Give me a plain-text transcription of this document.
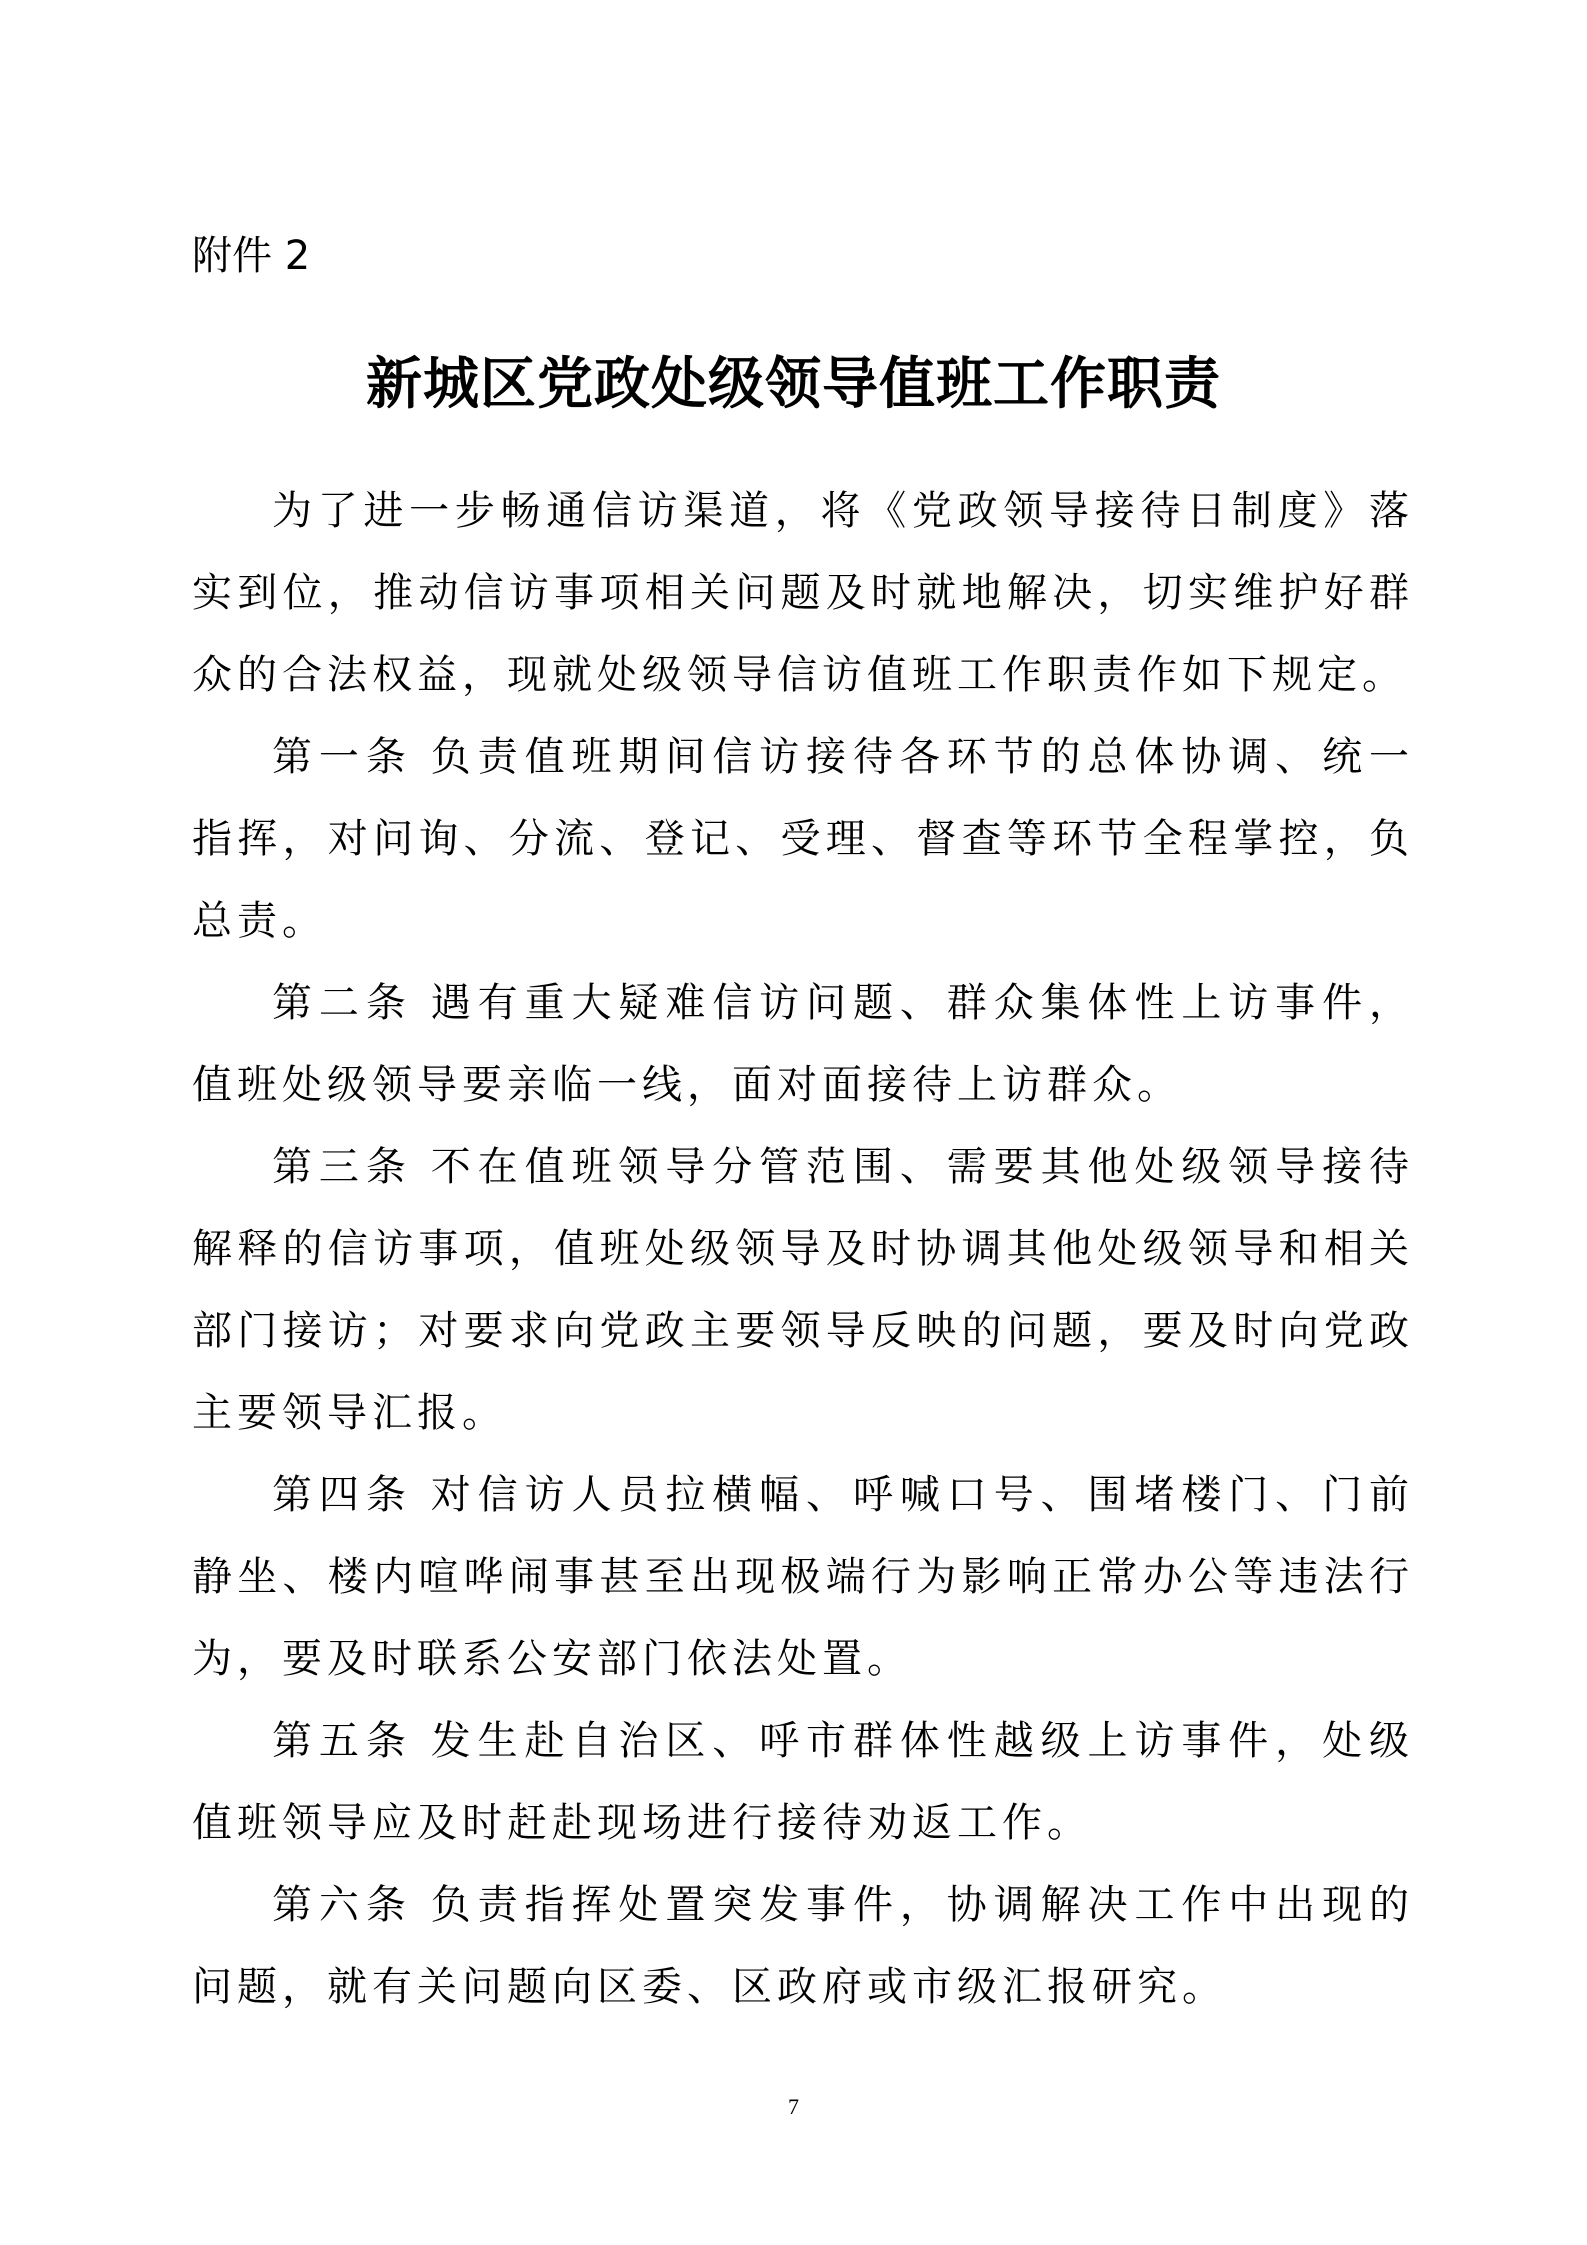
附件 2
新城区党政处级领导值班工作职责

为了进一步畅通信访渠道，将《党政领导接待日制度》落实到位，推动信访事项相关问题及时就地解决，切实维护好群众的合法权益，现就处级领导信访值班工作职责作如下规定。

第一条 负责值班期间信访接待各环节的总体协调、统一指挥，对问询、分流、登记、受理、督查等环节全程掌控，负总责。

第二条 遇有重大疑难信访问题、群众集体性上访事件，值班处级领导要亲临一线，面对面接待上访群众。

第三条 不在值班领导分管范围、需要其他处级领导接待解释的信访事项，值班处级领导及时协调其他处级领导和相关部门接访；对要求向党政主要领导反映的问题，要及时向党政主要领导汇报。

第四条 对信访人员拉横幅、呼喊口号、围堵楼门、门前静坐、楼内喧哗闹事甚至出现极端行为影响正常办公等违法行为，要及时联系公安部门依法处置。

第五条 发生赴自治区、呼市群体性越级上访事件，处级值班领导应及时赶赴现场进行接待劝返工作。

第六条 负责指挥处置突发事件，协调解决工作中出现的问题，就有关问题向区委、区政府或市级汇报研究。

7
